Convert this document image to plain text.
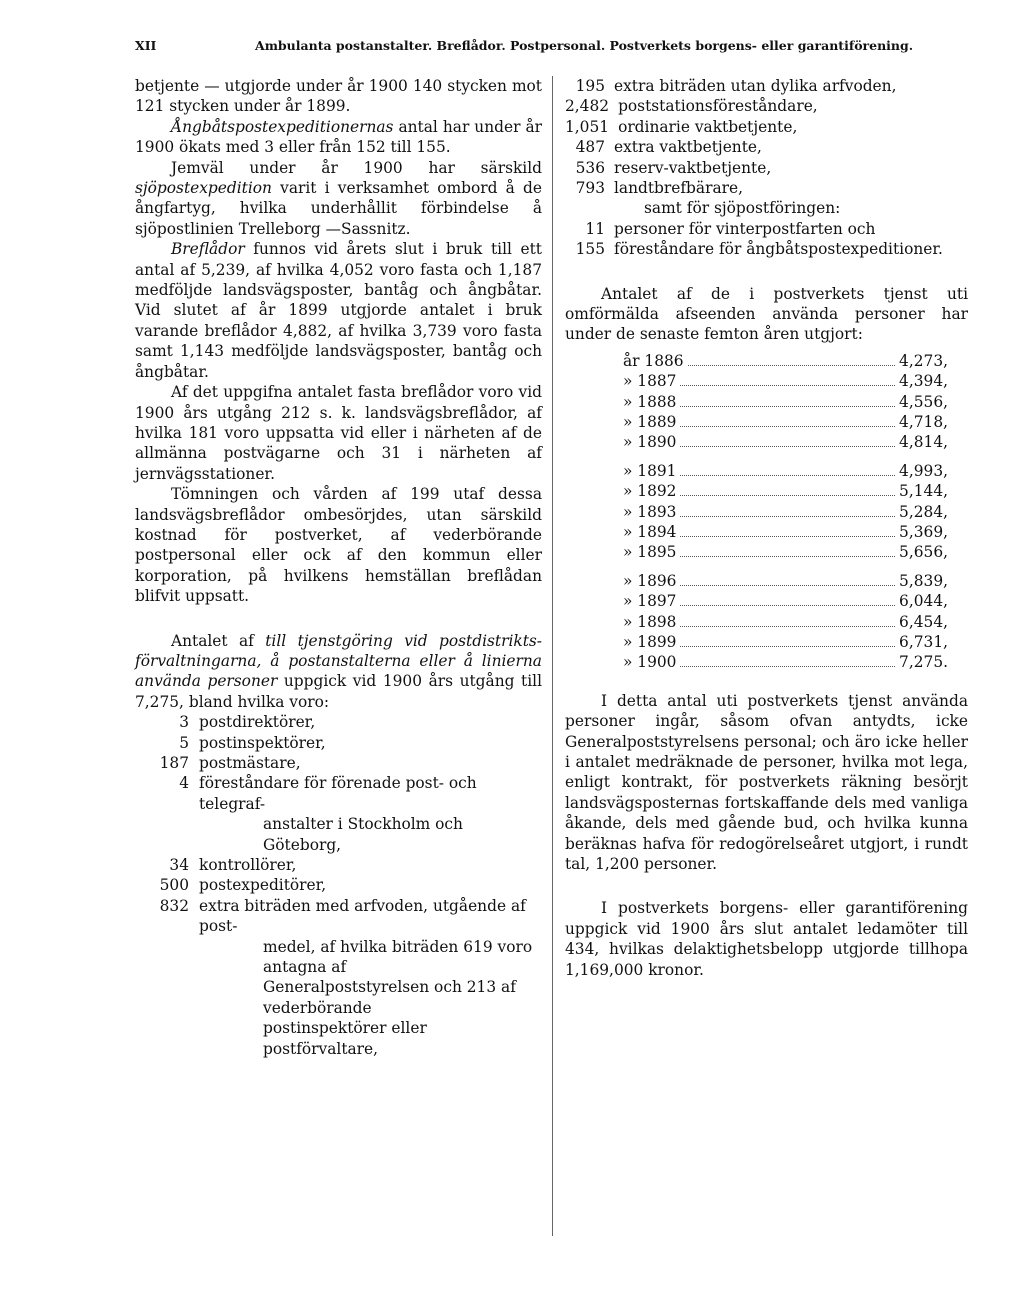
XII	Ambulanta postanstalter. Breflådor. Postpersonal. Postverkets borgens- eller garantiförening.

betjente — utgjorde under år 1900 140 stycken mot 121 stycken under år 1899.

Ångbåtspostexpeditionernas antal har under år 1900 ökats med 3 eller från 152 till 155.

Jemväl under år 1900 har särskild sjöpostexpedition varit i verksamhet ombord å de ångfartyg, hvilka underhållit förbindelse å sjöpostlinien Trelleborg —Sassnitz.

Breflådor funnos vid årets slut i bruk till ett antal af 5,239, af hvilka 4,052 voro fasta och 1,187 medföljde landsvägsposter, bantåg och ångbåtar. Vid slutet af år 1899 utgjorde antalet i bruk varande breflådor 4,882, af hvilka 3,739 voro fasta samt 1,143 medföljde landsvägsposter, bantåg och ångbåtar.

Af det uppgifna antalet fasta breflådor voro vid 1900 års utgång 212 s. k. landsvägsbreflådor, af hvilka 181 voro uppsatta vid eller i närheten af de allmänna postvägarne och 31 i närheten af jernvägsstationer.

Tömningen och vården af 199 utaf dessa landsvägsbreflådor ombesörjdes, utan särskild kostnad för postverket, af vederbörande postpersonal eller ock af den kommun eller korporation, på hvilkens hemställan breflådan blifvit uppsatt.

Antalet af till tjenstgöring vid postdistrikts-förvaltningarna, å postanstalterna eller å linierna använda personer uppgick vid 1900 års utgång till 7,275, bland hvilka voro:

3 postdirektörer,
5 postinspektörer,
187 postmästare,
4 föreståndare för förenade post- och telegraf-
anstalter i Stockholm och Göteborg,
34 kontrollörer,
500 postexpeditörer,
832 extra biträden med arfvoden, utgående af post-
medel, af hvilka biträden 619 voro antagna af
Generalpoststyrelsen och 213 af vederbörande
postinspektörer eller postförvaltare,
195 extra biträden utan dylika arfvoden,
2,482 poststationsföreståndare,
1,051 ordinarie vaktbetjente,
487 extra vaktbetjente,
536 reserv-vaktbetjente,
793 landtbrefbärare,
samt för sjöpostföringen:
11 personer för vinterpostfarten och
155 föreståndare för ångbåtspostexpeditioner.

Antalet af de i postverkets tjenst uti omförmälda afseenden använda personer har under de senaste femton åren utgjort:

år 1886	4,273,
» 1887	4,394,
» 1888	4,556,
» 1889	4,718,
» 1890	4,814,
» 1891	4,993,
» 1892	5,144,
» 1893	5,284,
» 1894	5,369,
» 1895	5,656,
» 1896	5,839,
» 1897	6,044,
» 1898	6,454,
» 1899	6,731,
» 1900	7,275.

I detta antal uti postverkets tjenst använda personer ingår, såsom ofvan antydts, icke Generalpoststyrelsens personal; och äro icke heller i antalet medräknade de personer, hvilka mot lega, enligt kontrakt, för postverkets räkning besörjt landsvägsposternas fortskaffande dels med vanliga åkande, dels med gående bud, och hvilka kunna beräknas hafva för redogörelseåret utgjort, i rundt tal, 1,200 personer.

I postverkets borgens- eller garantiförening uppgick vid 1900 års slut antalet ledamöter till 434, hvilkas delaktighetsbelopp utgjorde tillhopa 1,169,000 kronor.
